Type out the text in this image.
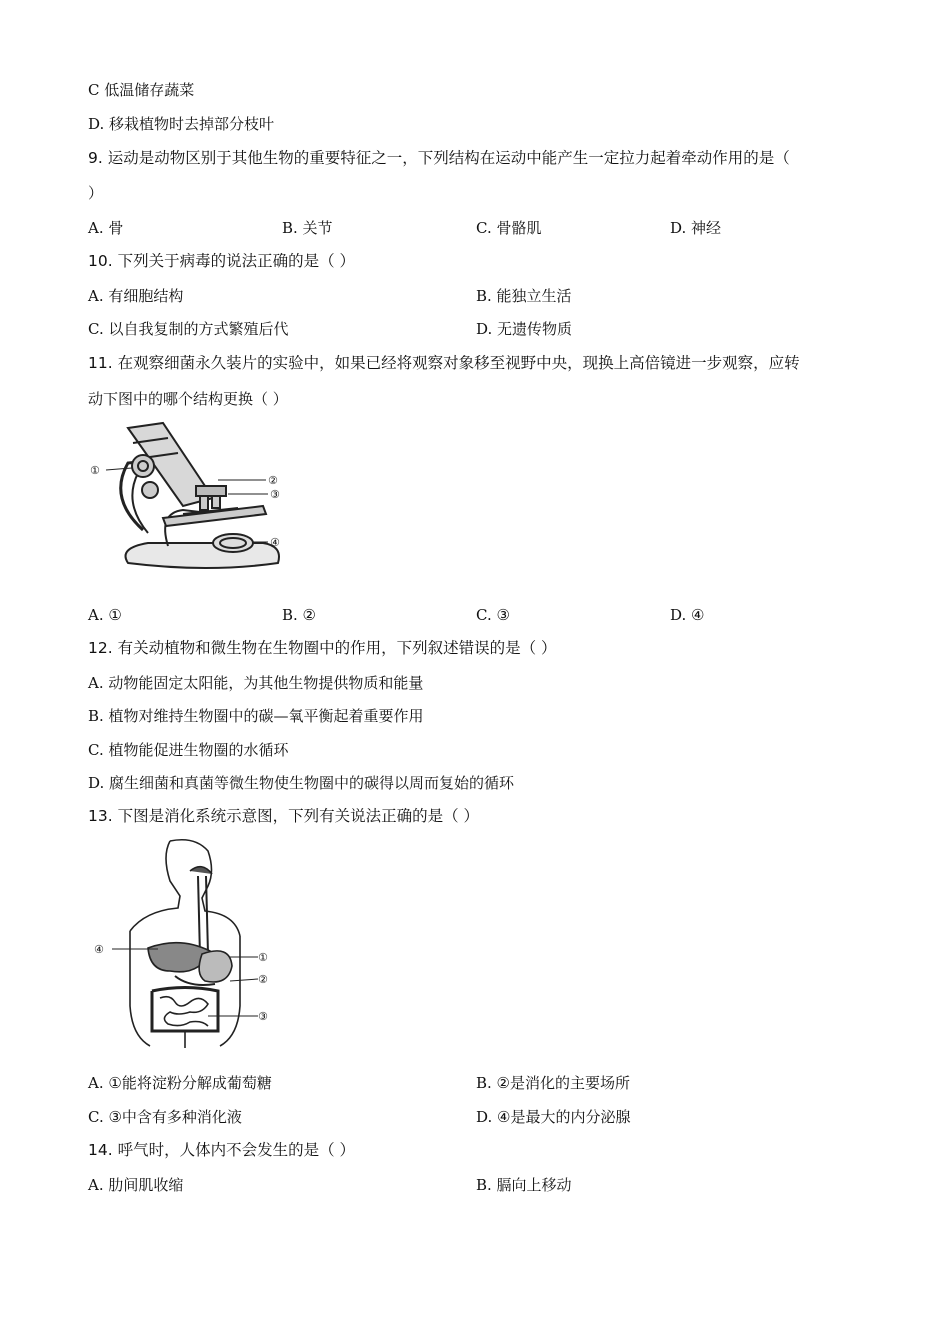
C 低温储存蔬菜
D. 移栽植物时去掉部分枝叶
9. 运动是动物区别于其他生物的重要特征之一，下列结构在运动中能产生一定拉力起着牵动作用的是（
）
A. 骨	B. 关节	C. 骨骼肌	D. 神经
10. 下列关于病毒的说法正确的是（ ）
A. 有细胞结构	B. 能独立生活
C. 以自我复制的方式繁殖后代	D. 无遗传物质
11. 在观察细菌永久装片的实验中，如果已经将观察对象移至视野中央，现换上高倍镜进一步观察，应转
动下图中的哪个结构更换（ ）
①
②
③
④
A. ①	B. ②	C. ③	D. ④
12. 有关动植物和微生物在生物圈中的作用，下列叙述错误的是（ ）
A. 动物能固定太阳能，为其他生物提供物质和能量
B. 植物对维持生物圈中的碳—氧平衡起着重要作用
C. 植物能促进生物圈的水循环
D. 腐生细菌和真菌等微生物使生物圈中的碳得以周而复始的循环
13. 下图是消化系统示意图，下列有关说法正确的是（ ）
①
②
③
④
A. ①能将淀粉分解成葡萄糖	B. ②是消化的主要场所
C. ③中含有多种消化液	D. ④是最大的内分泌腺
14. 呼气时，人体内不会发生的是（ ）
A. 肋间肌收缩	B. 膈向上移动
